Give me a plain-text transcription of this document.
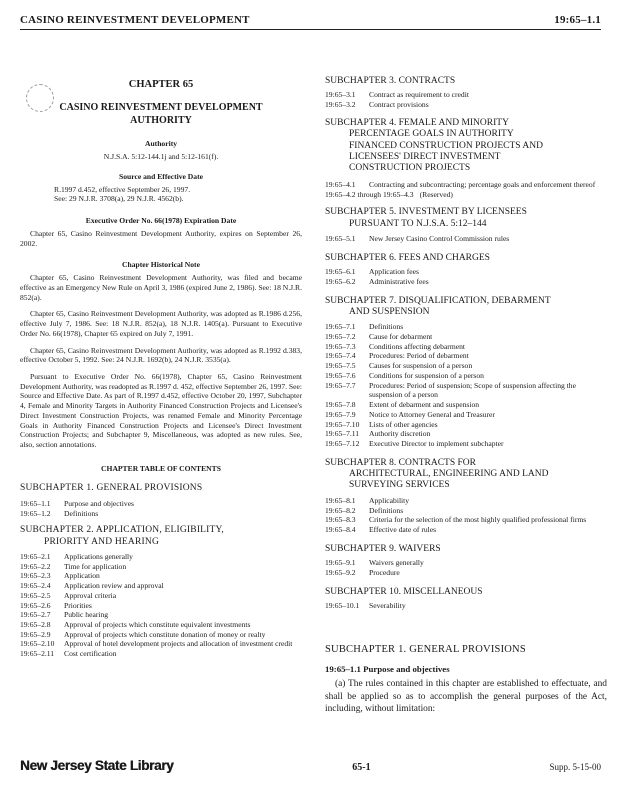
CASINO REINVESTMENT DEVELOPMENT	19:65–1.1
CHAPTER 65
CASINO REINVESTMENT DEVELOPMENT
AUTHORITY
Authority
N.J.S.A. 5:12-144.1j and 5:12-161(f).
Source and Effective Date
R.1997 d.452, effective September 26, 1997.
See: 29 N.J.R. 3708(a), 29 N.J.R. 4562(b).
Executive Order No. 66(1978) Expiration Date

Chapter 65, Casino Reinvestment Development Authority, expires on September 26, 2002.

Chapter Historical Note

Chapter 65, Casino Reinvestment Development Authority, was filed and became effective as an Emergency New Rule on April 3, 1986 (expired June 2, 1986). See: 18 N.J.R. 852(a).

Chapter 65, Casino Reinvestment Development Authority, was adopted as R.1986 d.256, effective July 7, 1986. See: 18 N.J.R. 852(a), 18 N.J.R. 1405(a). Pursuant to Executive Order No. 66(1978), Chapter 65 expired on July 7, 1991.

Chapter 65, Casino Reinvestment Development Authority, was adopted as R.1992 d.383, effective October 5, 1992. See: 24 N.J.R. 1692(b), 24 N.J.R. 3535(a).

Pursuant to Executive Order No. 66(1978), Chapter 65, Casino Reinvestment Development Authority, was readopted as R.1997 d. 452, effective September 26, 1997. See: Source and Effective Date. As part of R.1997 d.452, effective October 20, 1997, Subchapter 4, Female and Minority Targets in Authority Financed Construction Projects and Licensee's Direct Investment Construction Projects, was renamed Female and Minority Percentage Goals in Authority Financed Construction Projects and Licensee's Direct Investment Construction Projects; and Subchapter 9, Miscellaneous, was adopted as new rules. See, also, section annotations.

CHAPTER TABLE OF CONTENTS
SUBCHAPTER 1. GENERAL PROVISIONS
19:65–1.1	Purpose and objectives
19:65–1.2	Definitions
SUBCHAPTER 2. APPLICATION, ELIGIBILITY,
PRIORITY AND HEARING
19:65–2.1	Applications generally
19:65–2.2	Time for application
19:65–2.3	Application
19:65–2.4	Application review and approval
19:65–2.5	Approval criteria
19:65–2.6	Priorities
19:65–2.7	Public hearing
19:65–2.8	Approval of projects which constitute equivalent investments
19:65–2.9	Approval of projects which constitute donation of money or realty
19:65–2.10	Approval of hotel development projects and allocation of investment credit
19:65–2.11	Cost certification
SUBCHAPTER 3. CONTRACTS
19:65–3.1	Contract as requirement to credit
19:65–3.2	Contract provisions
SUBCHAPTER 4. FEMALE AND MINORITY
PERCENTAGE GOALS IN AUTHORITY
FINANCED CONSTRUCTION PROJECTS AND
LICENSEES' DIRECT INVESTMENT
CONSTRUCTION PROJECTS
19:65–4.1	Contracting and subcontracting; percentage goals and enforcement thereof
19:65–4.2 through 19:65–4.3 (Reserved)
SUBCHAPTER 5. INVESTMENT BY LICENSEES
PURSUANT TO N.J.S.A. 5:12–144
19:65–5.1	New Jersey Casino Control Commission rules
SUBCHAPTER 6. FEES AND CHARGES
19:65–6.1	Application fees
19:65–6.2	Administrative fees
SUBCHAPTER 7. DISQUALIFICATION, DEBARMENT
AND SUSPENSION
19:65–7.1	Definitions
19:65–7.2	Cause for debarment
19:65–7.3	Conditions affecting debarment
19:65–7.4	Procedures: Period of debarment
19:65–7.5	Causes for suspension of a person
19:65–7.6	Conditions for suspension of a person
19:65–7.7	Procedures: Period of suspension; Scope of suspension affecting the suspension of a person
19:65–7.8	Extent of debarment and suspension
19:65–7.9	Notice to Attorney General and Treasurer
19:65–7.10	Lists of other agencies
19:65–7.11	Authority discretion
19:65–7.12	Executive Director to implement subchapter
SUBCHAPTER 8. CONTRACTS FOR
ARCHITECTURAL, ENGINEERING AND LAND
SURVEYING SERVICES
19:65–8.1	Applicability
19:65–8.2	Definitions
19:65–8.3	Criteria for the selection of the most highly qualified professional firms
19:65–8.4	Effective date of rules
SUBCHAPTER 9. WAIVERS
19:65–9.1	Waivers generally
19:65–9.2	Procedure
SUBCHAPTER 10. MISCELLANEOUS
19:65–10.1	Severability
SUBCHAPTER 1. GENERAL PROVISIONS
19:65–1.1 Purpose and objectives

(a) The rules contained in this chapter are established to effectuate, and shall be applied so as to accomplish the general purposes of the Act, including, without limitation:

New Jersey State Library	65-1	Supp. 5-15-00
